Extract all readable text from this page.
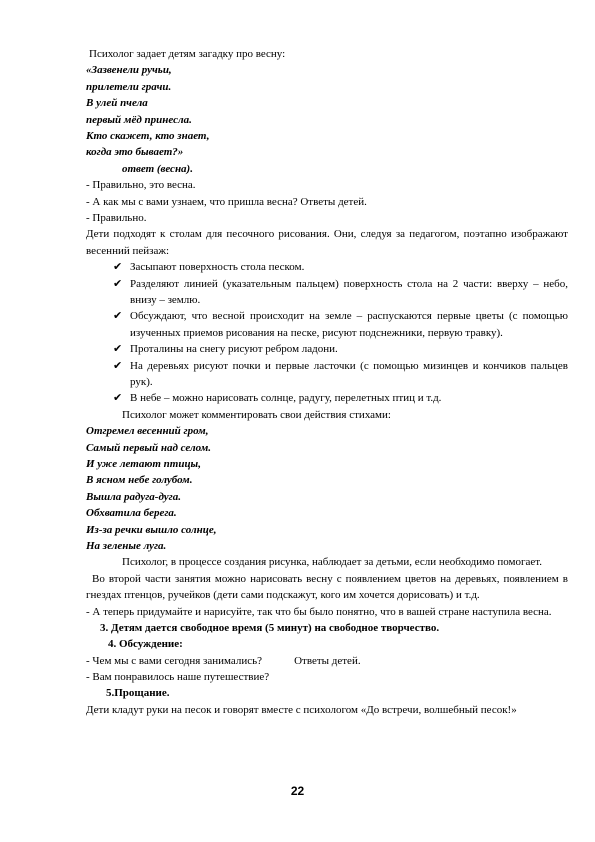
Психолог задает детям загадку про весну:
«Зазвенели ручьи,
прилетели грачи.
В улей пчела
первый мёд принесла.
Кто скажет, кто знает,
когда это бывает?»
ответ (весна).
- Правильно, это весна.
- А как мы с вами узнаем, что пришла весна? Ответы детей.
- Правильно.
Дети подходят к столам для песочного рисования. Они, следуя за педагогом, поэтапно изображают весенний пейзаж:
✔ Засыпают поверхность стола песком.
✔ Разделяют линией (указательным пальцем) поверхность стола на 2 части: вверху – небо, внизу – землю.
✔ Обсуждают, что весной происходит на земле – распускаются первые цветы (с помощью изученных приемов рисования на песке, рисуют подснежники, первую травку).
✔ Проталины на снегу рисуют ребром ладони.
✔ На деревьях рисуют почки и первые ласточки (с помощью мизинцев и кончиков пальцев рук).
✔ В небе – можно нарисовать солнце, радугу, перелетных птиц и т.д.
Психолог может комментировать свои действия стихами:
Отгремел весенний гром,
Самый первый над селом.
И уже летают птицы,
В ясном небе голубом.
Вышла радуга-дуга.
Обхватила берега.
Из-за речки вышло солнце,
На зеленые луга.
Психолог, в процессе создания рисунка, наблюдает за детьми, если необходимо помогает.
Во второй части занятия можно нарисовать весну с появлением цветов на деревьях, появлением в гнездах птенцов, ручейков (дети сами подскажут, кого им хочется дорисовать) и т.д.
- А теперь придумайте и нарисуйте, так что бы было понятно, что в вашей стране наступила весна.
3. Детям дается свободное время (5 минут) на свободное творчество.
4. Обсуждение:
- Чем мы с вами сегодня занимались?	Ответы детей.
- Вам понравилось наше путешествие?
5.Прощание.
Дети кладут руки на песок и говорят вместе с психологом «До встречи, волшебный песок!»
22
